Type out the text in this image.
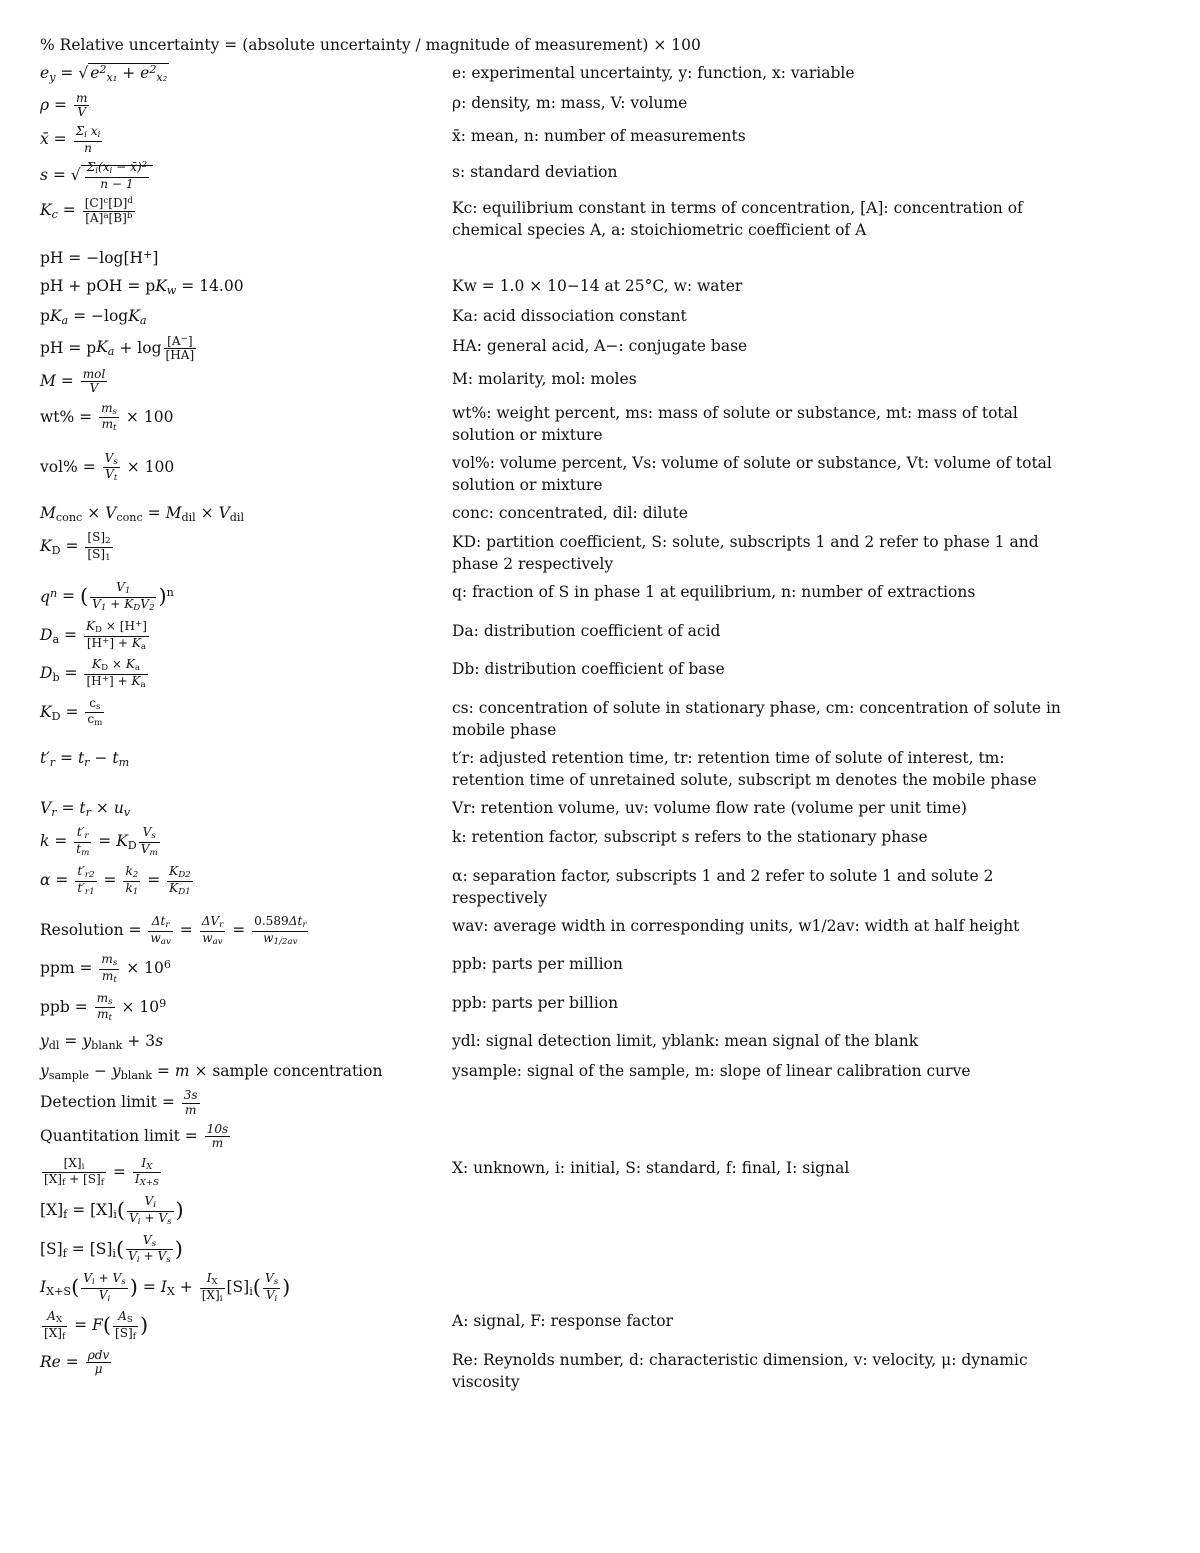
% Relative uncertainty = (absolute uncertainty / magnitude of measurement) × 100
$e_y$ = √ $e^2_{x_1} + e^2_{x_2}$	e: experimental uncertainty, y: function, x: variable
$\rho = \frac{m}{V}$	ρ: density, m: mass, V: volume
x̄ = $\frac{\Sigma_i x_i}{n}$	x̄: mean, n: number of measurements
s = √ $\frac{\Sigma_i(x_i - x̄)^2}{n - 1}$	s: standard deviation
$K_c = \frac{[C]^c[D]^d}{[A]^a[B]^b}$	Kc: equilibrium constant in terms of concentration, [A]: concentration of chemical species A, a: stoichiometric coefficient of A
pH = −log[H+]
pH + pOH = $pK_w = 14.00$	Kw = 1.0 × 10−14 at 25°C, w: water
$pK_a = -\log K_a$	Ka: acid dissociation constant
pH = $pK_a + \log \frac{[A^-]}{[HA]}$	HA: general acid, A−: conjugate base
$M = \frac{\text{mol}}{V}$	M: molarity, mol: moles
$wt\% = \frac{m_s}{m_t} \times 100$	wt%: weight percent, ms: mass of solute or substance, mt: mass of total solution or mixture
$vol\% = \frac{V_s}{V_t} \times 100$	vol%: volume percent, Vs: volume of solute or substance, Vt: volume of total solution or mixture
$M_{conc} \times V_{conc} = M_{dil} \times V_{dil}$	conc: concentrated, dil: dilute
$K_D = \frac{[S]_2}{[S]_1}$	KD: partition coefficient, S: solute, subscripts 1 and 2 refer to phase 1 and phase 2 respectively
$q^n$ = ( $\frac{V_1}{V_1 + K_DV_2} )^n$	q: fraction of S in phase 1 at equilibrium, n: number of extractions
$D_a = \frac{K_D \times [H^+]}{[H^+] + K_a}$	Da: distribution coefficient of acid
$D_b = \frac{K_D \times K_a}{[H^+] + K_a}$	Db: distribution coefficient of base
$K_D = \frac{c_s}{c_m}$	cs: concentration of solute in stationary phase, cm: concentration of solute in mobile phase
$t'_r = t_r - t_m$	t′r: adjusted retention time, tr: retention time of solute of interest, tm: retention time of unretained solute, subscript m denotes the mobile phase
$V_r = t_r \times u_v$	Vr: retention volume, uv: volume flow rate (volume per unit time)
$k = \frac{t'_r}{t_m} = K_D \frac{V_s}{V_m}$	k: retention factor, subscript s refers to the stationary phase
$\alpha = \frac{t'_{r2}}{t'_{r1}} = \frac{k_2}{k_1} = \frac{K_{D2}}{K_{D1}}$	α: separation factor, subscripts 1 and 2 refer to solute 1 and solute 2 respectively
Resolution = $\frac{\Delta t_r}{w_{av}} = \frac{\Delta V_r}{w_{av}} = \frac{0.589\Delta t_r}{w_{1/2av}}$	wav: average width in corresponding units, w1/2av: width at half height
ppm = $\frac{m_s}{m_t} \times 10^6$	ppb: parts per million
ppb = $\frac{m_s}{m_t} \times 10^9$	ppb: parts per billion
$y_{dl} = y_{blank} + 3s$	ydl: signal detection limit, yblank: mean signal of the blank
$y_{sample} - y_{blank} = m$ × sample concentration	ysample: signal of the sample, m: slope of linear calibration curve
Detection limit = $\frac{3s}{m}$
Quantitation limit = $\frac{10s}{m}$
$\frac{[X]_i}{[X]_f + [S]_f} = \frac{I_X}{I_{X+S}}$	X: unknown, i: initial, S: standard, f: final, I: signal
$[X]_f = [X]_i( \frac{V_i}{V_i + V_s}$ )
$[S]_f = [S]_i( \frac{V_s}{V_i + V_s}$ )
$I_{X+S}( \frac{V_i + V_s}{V_i}$ ) = $I_X + \frac{I_X}{[X]_i} [S]_i( \frac{V_s}{V_i}$ )
$\frac{A_X}{[X]_f} = F( \frac{A_S}{[S]_f}$ )	A: signal, F: response factor
$Re = \frac{\text{ρdv}}{\mu}$	Re: Reynolds number, d: characteristic dimension, v: velocity, μ: dynamic viscosity
